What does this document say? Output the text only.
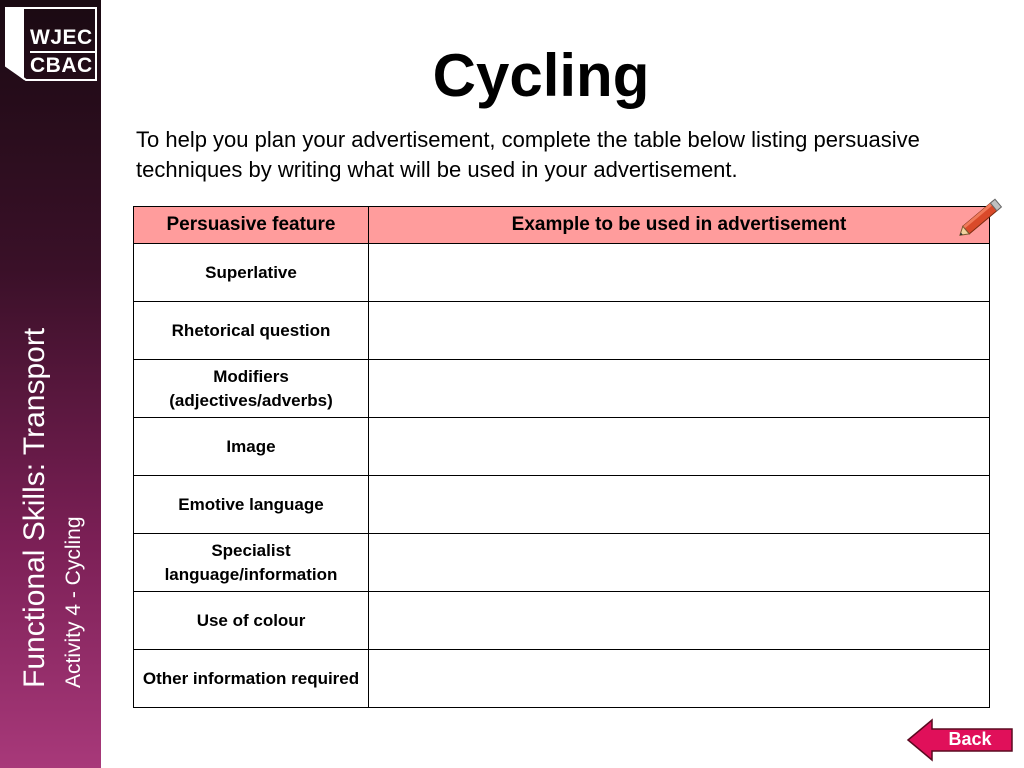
WJEC
CBAC
Functional Skills: Transport Activity 4 - Cycling
Cycling

To help you plan your advertisement, complete the table below listing persuasive techniques by writing what will be used in your advertisement.

Persuasive feature	Example to be used in advertisement
Superlative	
Rhetorical question	
Modifiers (adjectives/adverbs)	
Image	
Emotive language	
Specialist language/information	
Use of colour	
Other information required	
Back
